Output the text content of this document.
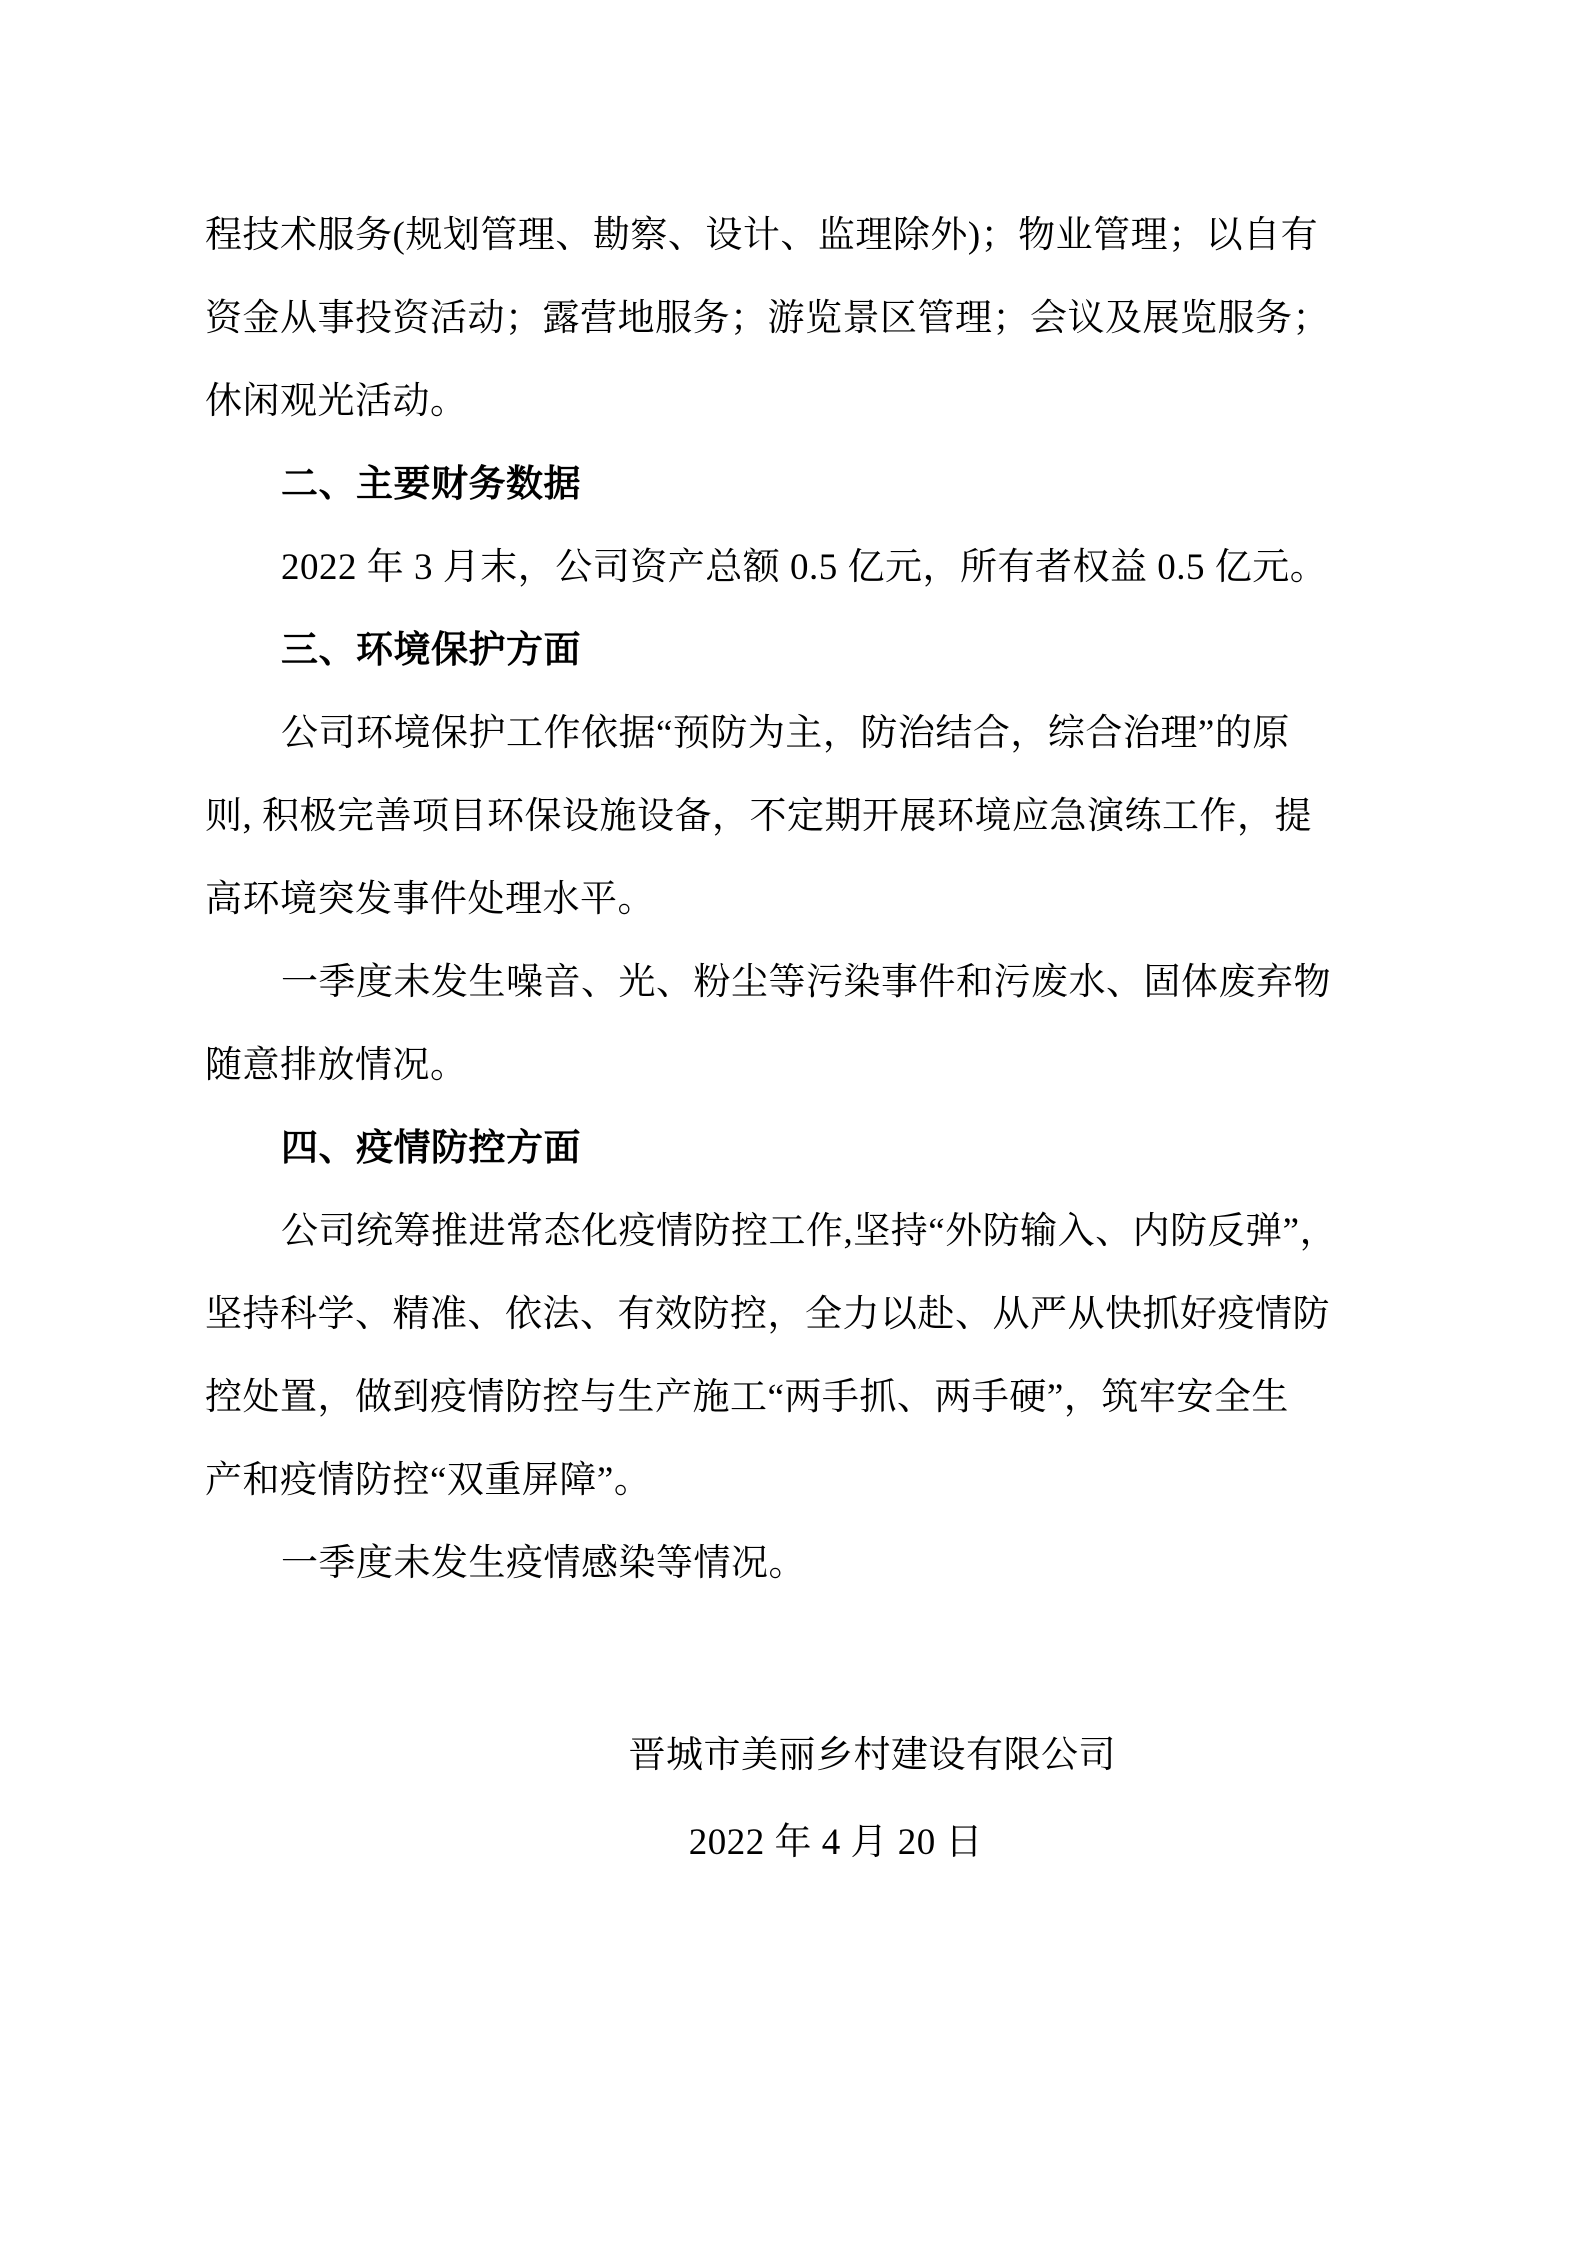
程技术服务(规划管理、勘察、设计、监理除外)；物业管理；以自有
资金从事投资活动；露营地服务；游览景区管理；会议及展览服务；
休闲观光活动。
二、主要财务数据
2022 年 3 月末，公司资产总额 0.5 亿元，所有者权益 0.5 亿元。
三、环境保护方面
公司环境保护工作依据“预防为主，防治结合，综合治理”的原
则, 积极完善项目环保设施设备，不定期开展环境应急演练工作，提
高环境突发事件处理水平。
一季度未发生噪音、光、粉尘等污染事件和污废水、固体废弃物
随意排放情况。
四、疫情防控方面
公司统筹推进常态化疫情防控工作,坚持“外防输入、内防反弹”，
坚持科学、精准、依法、有效防控，全力以赴、从严从快抓好疫情防
控处置，做到疫情防控与生产施工“两手抓、两手硬”，筑牢安全生
产和疫情防控“双重屏障”。
一季度未发生疫情感染等情况。
晋城市美丽乡村建设有限公司
2022 年 4 月 20 日
